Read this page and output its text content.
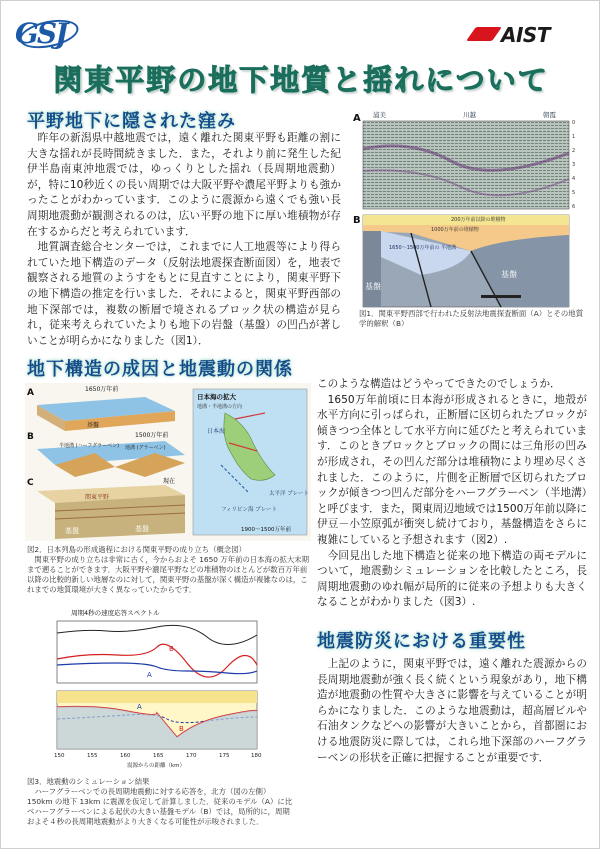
GSJ	AIST
関東平野の地下地質と揺れについて
平野地下に隠された窪み

昨年の新潟県中越地震では，遠く離れた関東平野も距離の割に大きな揺れが長時間続きました．また，それより前に発生した紀伊半島南東沖地震では，ゆっくりとした揺れ（長周期地震動）が，特に10秒近くの長い周期では大阪平野や濃尾平野よりも強かったことがわかっています．このように震源から遠くでも強い長周期地震動が観測されるのは，広い平野の地下に厚い堆積物が存在するからだと考えられています．

地質調査総合センターでは，これまでに人工地震等により得られていた地下構造のデータ（反射法地震探査断面図）を，地表で観察される地質のようすをもとに見直すことにより，関東平野下の地下構造の推定を行いました．それによると，関東平野西部の地下深部では，複数の断層で境されるブロック状の構造が見られ，従来考えられていたよりも地下の岩盤（基盤）の凹凸が著しいことが明らかになりました（図1）．

A 浦美	川越	朝霞
0
1
2
3
4
5
6
B	200万年前以降の堆積物
1000万年前の堆積物
1650～1500万年前の 半地溝
基盤
基盤
図1．関東平野西部で行われた反射法地震探査断面（A）とその地質学的解釈（B）
地下構造の成因と地震動の関係
A
B
C
1650万年前
基盤
1500万年前
半地溝 (ハーフグラーベン) 地溝 (グラーベン)
現在
関東平野
基盤	基盤
日本海の拡大
地溝・半地溝の方向
日本海
太平洋 プレート
フィリピン海 プレート
1900～1500万年前
図2．日本列島の形成過程における関東平野の成り立ち（概念図）
　関東平野の成り立ちは非常に古く，今からおよそ 1650 万年前の日本海の拡大末期まで遡ることができます．大阪平野や濃尾平野などの堆積物のほとんどが数百万年前以降の比較的新しい地層なのに対して，関東平野の基盤が深く構造が複雑なのは，これまでの地質環境が大きく異なっていたからです．

このような構造はどうやってできたのでしょうか．

1650万年前頃に日本海が形成されるときに，地殻が水平方向に引っぱられ，正断層に区切られたブロックが傾きつつ全体として水平方向に延びたと考えられています．このときブロックとブロックの間には三角形の凹みが形成され，その凹んだ部分は堆積物により埋め尽くされました．このように，片側を正断層で区切られたブロックが傾きつつ凹んだ部分をハーフグラーベン（半地溝）と呼びます．また，関東周辺地域では1500万年前以降に伊豆－小笠原弧が衝突し続けており，基盤構造をさらに複雑にしていると予想されます（図2）.

今回見出した地下構造と従来の地下構造の両モデルについて，地震動シミュレーションを比較したところ，長周期地震動のゆれ幅が局所的に従来の予想よりも大きくなることがわかりました（図3）.

周期4秒の速度応答スペクトル
B
A
A
B
150	155	160	165	170	175	180
震源からの距離（km）
図3．地震動のシミュレーション結果
　ハーフグラーベンでの長周期地震動に対する応答を，北方（図の左側）150km の地下 13km に震源を仮定して計算しました．従来のモデル（A）に比べハーフグラーベンによる起伏の大きい基盤モデル（B）では，局所的に，周期およそ４秒の長周期地震動がより大きくなる可能性が示唆されました．
地震防災における重要性

上記のように，関東平野では，遠く離れた震源からの長周期地震動が強く長く続くという現象があり，地下構造が地震動の性質や大きさに影響を与えていることが明らかになりました．このような地震動は，超高層ビルや石油タンクなどへの影響が大きいことから，首都圏における地震防災に際しては，これら地下深部のハーフグラーベンの形状を正確に把握することが重要です．
